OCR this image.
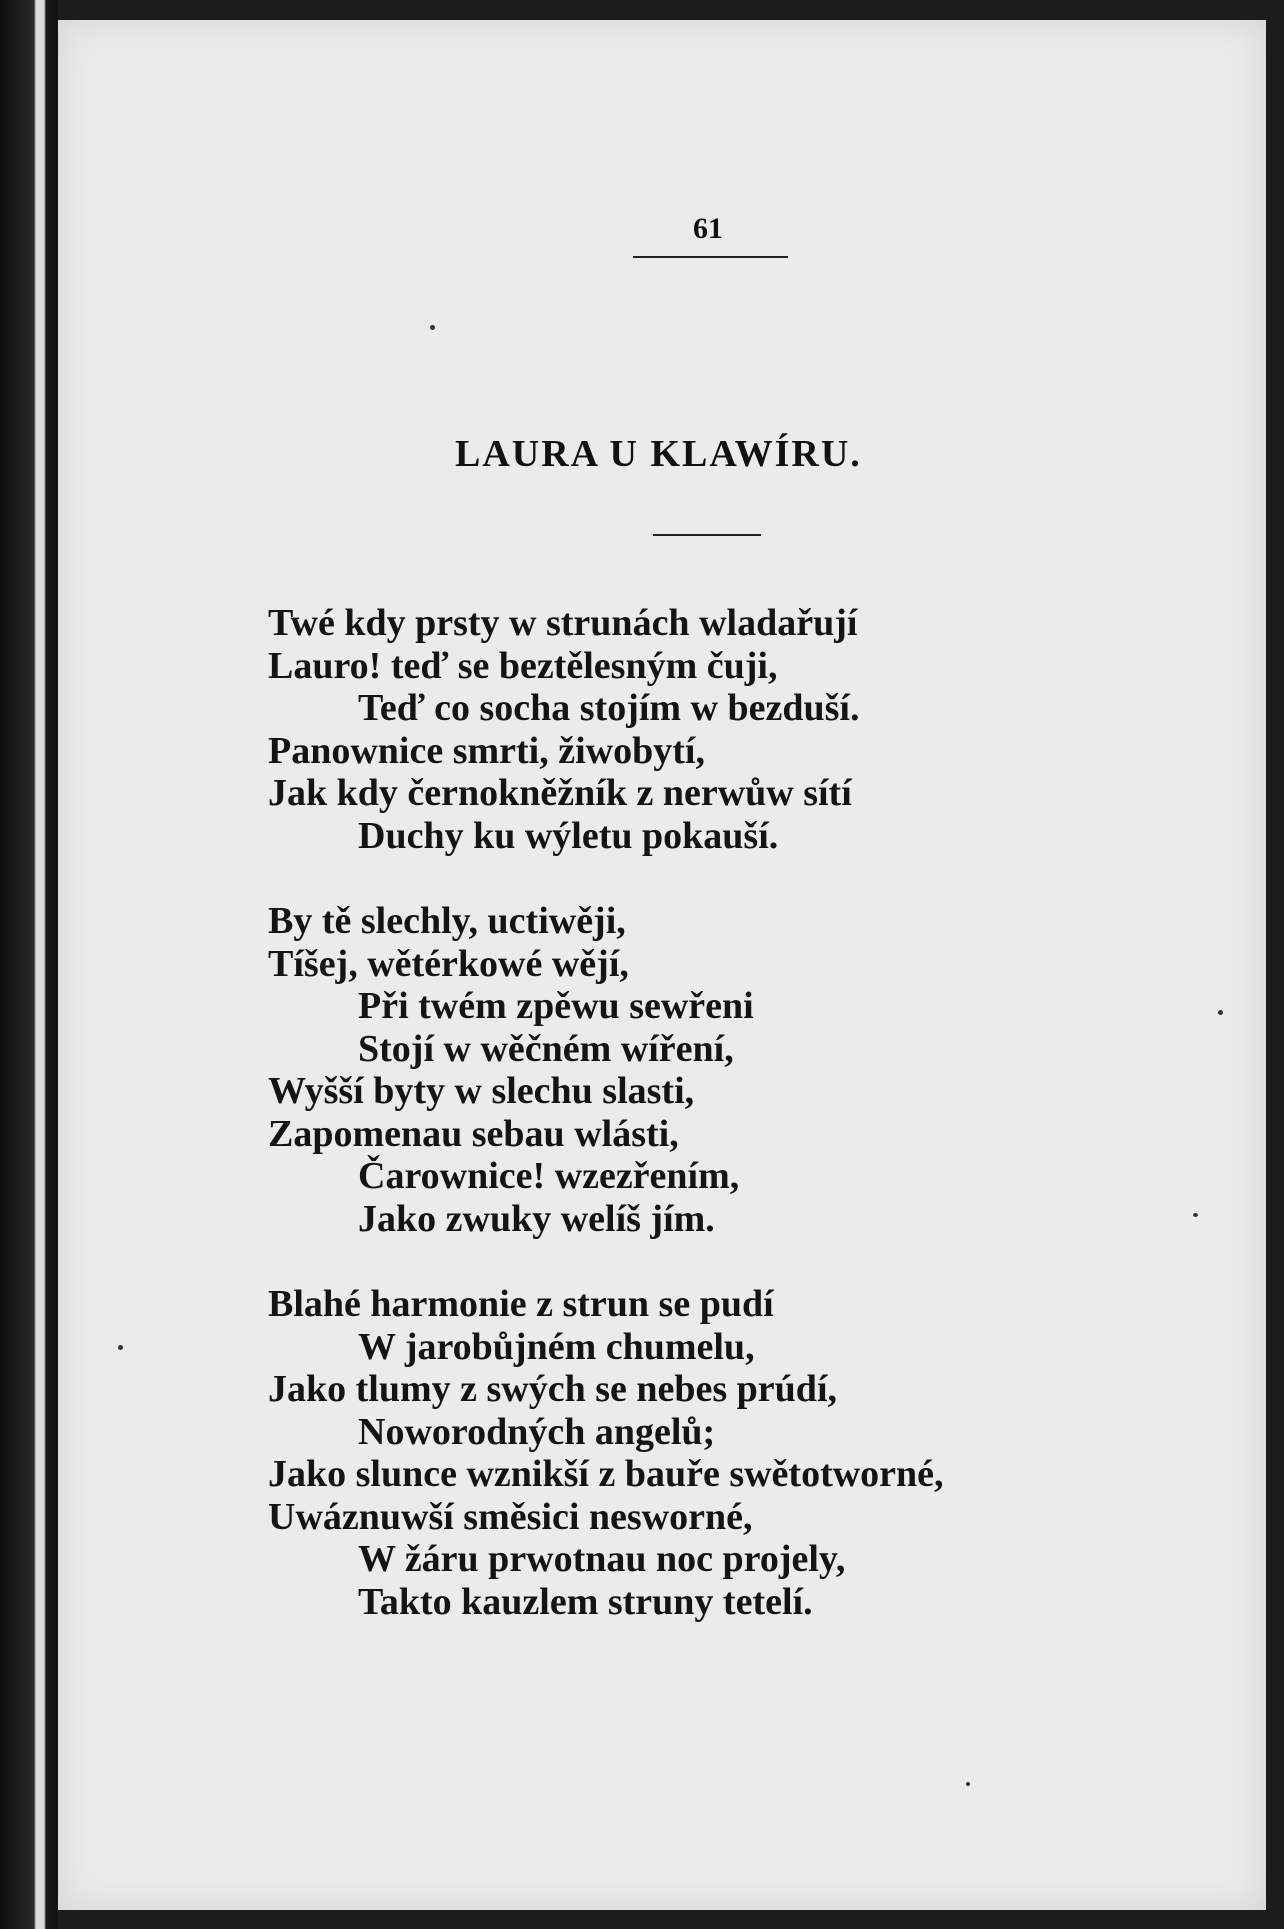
61
LAURA U KLAWÍRU.
Twé kdy prsty w strunách wladařují
Lauro! teď se beztělesným čuji,
Teď co socha stojím w bezduší.
Panownice smrti, žiwobytí,
Jak kdy černokněžník z nerwůw sítí
Duchy ku wýletu pokauší.
By tě slechly, uctiwěji,
Tíšej, wětérkowé wějí,
Při twém zpěwu sewřeni
Stojí w wěčném wíření,
Wyšší byty w slechu slasti,
Zapomenau sebau wlásti,
Čarownice! wzezřením,
Jako zwuky welíš jím.
Blahé harmonie z strun se pudí
W jarobůjném chumelu,
Jako tlumy z swých se nebes prúdí,
Noworodných angelů;
Jako slunce wznikší z bauře swětotworné,
Uwáznuwší směsici nesworné,
W žáru prwotnau noc projely,
Takto kauzlem struny tetelí.
